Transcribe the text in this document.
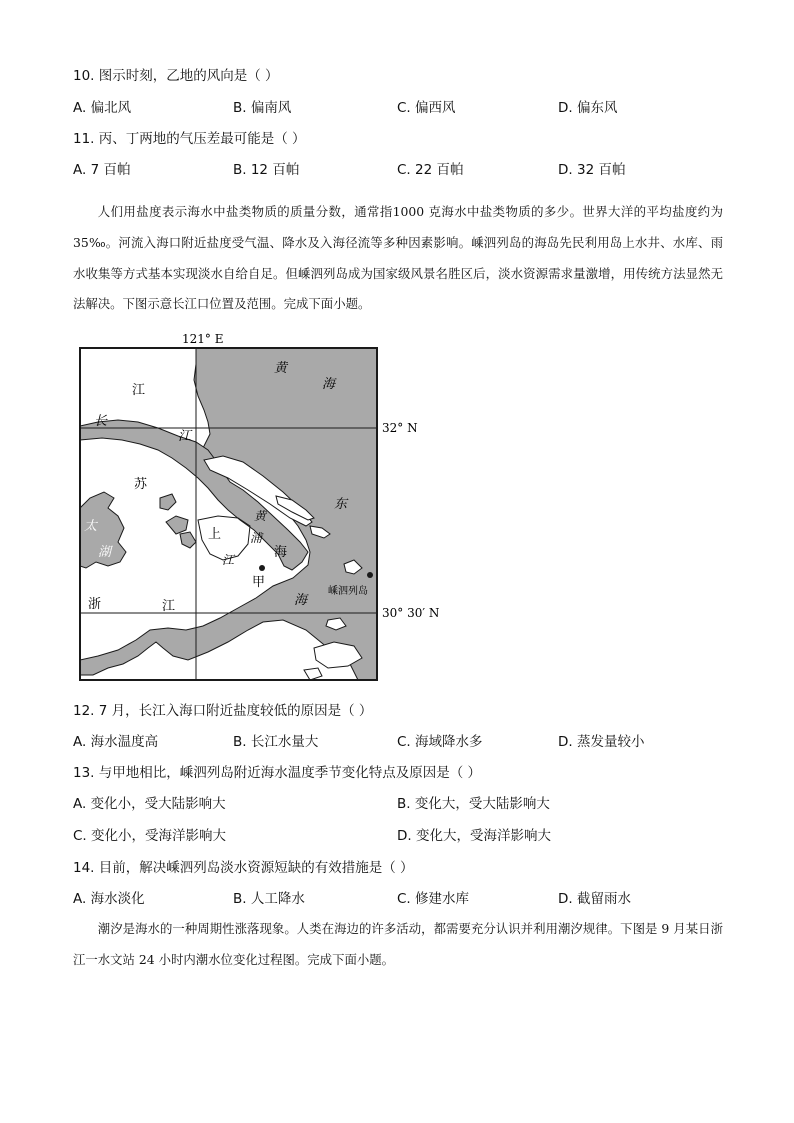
10. 图示时刻，乙地的风向是（ ）
A. 偏北风	B. 偏南风	C. 偏西风	D. 偏东风
11. 丙、丁两地的气压差最可能是（ ）
A. 7 百帕	B. 12 百帕	C. 22 百帕	D. 32 百帕
人们用盐度表示海水中盐类物质的质量分数，通常指1000 克海水中盐类物质的多少。世界大洋的平均盐度约为 35‰。河流入海口附近盐度受气温、降水及入海径流等多种因素影响。嵊泗列岛的海岛先民利用岛上水井、水库、雨水收集等方式基本实现淡水自给自足。但嵊泗列岛成为国家级风景名胜区后，淡水资源需求量激增，用传统方法显然无法解决。下图示意长江口位置及范围。完成下面小题。
121° E
32° N
30° 30′ N
黄
海
江
长
江
苏
太
湖
上
黄
浦
江	海
东
甲
海
嵊泗列岛
浙	江
12. 7 月，长江入海口附近盐度较低的原因是（ ）
A. 海水温度高	B. 长江水量大	C. 海域降水多	D. 蒸发量较小
13. 与甲地相比，嵊泗列岛附近海水温度季节变化特点及原因是（ ）
A. 变化小，受大陆影响大	B. 变化大，受大陆影响大
C. 变化小，受海洋影响大	D. 变化大，受海洋影响大
14. 目前，解决嵊泗列岛淡水资源短缺的有效措施是（ ）
A. 海水淡化	B. 人工降水	C. 修建水库	D. 截留雨水
潮汐是海水的一种周期性涨落现象。人类在海边的许多活动，都需要充分认识并利用潮汐规律。下图是 9 月某日浙江一水文站 24 小时内潮水位变化过程图。完成下面小题。
